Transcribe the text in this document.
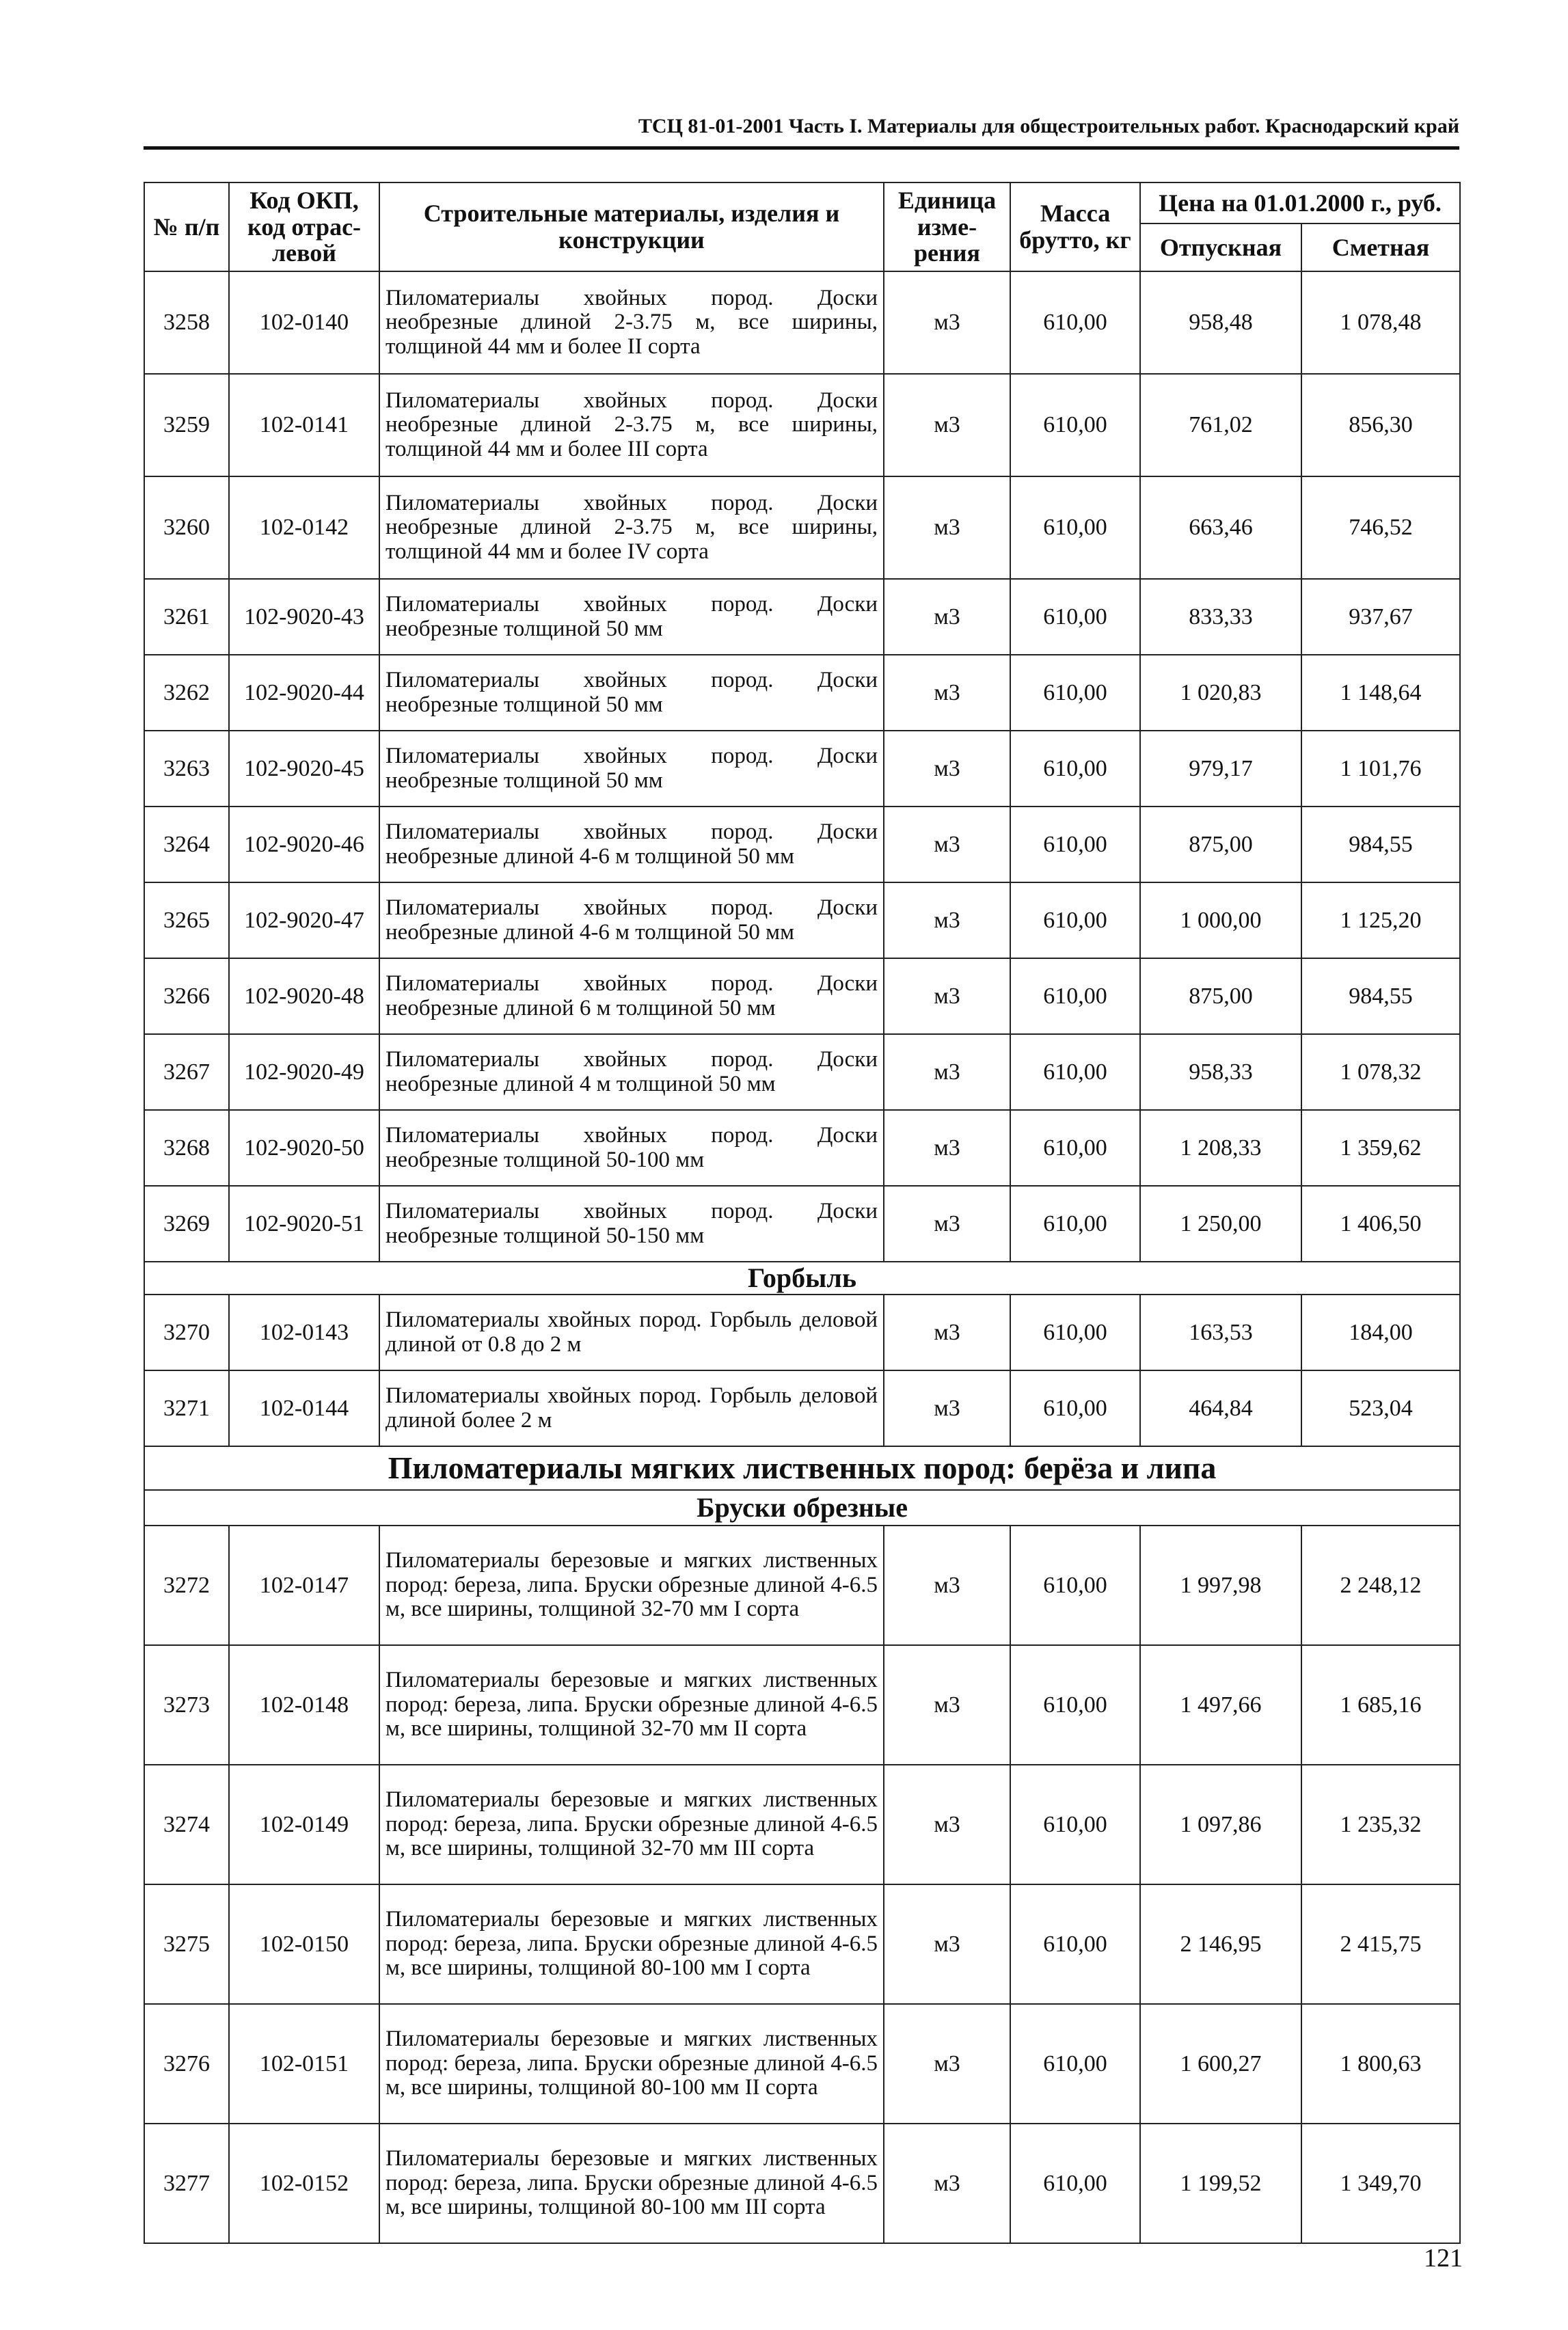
ТСЦ 81-01-2001 Часть I. Материалы для общестроительных работ. Краснодарский край
№ п/п	Код ОКП, код отрас-левой	Строительные материалы, изделия и конструкции	Единица изме-рения	Масса брутто, кг	Цена на 01.01.2000 г., руб.	
					Отпускная	Сметная
3258	102-0140	Пиломатериалы хвойных пород. Доски необрезные длиной 2-3.75 м, все ширины, толщиной 44 мм и более II сорта	м3	610,00	958,48	1 078,48
3259	102-0141	Пиломатериалы хвойных пород. Доски необрезные длиной 2-3.75 м, все ширины, толщиной 44 мм и более III сорта	м3	610,00	761,02	856,30
3260	102-0142	Пиломатериалы хвойных пород. Доски необрезные длиной 2-3.75 м, все ширины, толщиной 44 мм и более IV сорта	м3	610,00	663,46	746,52
3261	102-9020-43	Пиломатериалы хвойных пород. Доски необрезные толщиной 50 мм	м3	610,00	833,33	937,67
3262	102-9020-44	Пиломатериалы хвойных пород. Доски необрезные толщиной 50 мм	м3	610,00	1 020,83	1 148,64
3263	102-9020-45	Пиломатериалы хвойных пород. Доски необрезные толщиной 50 мм	м3	610,00	979,17	1 101,76
3264	102-9020-46	Пиломатериалы хвойных пород. Доски необрезные длиной 4-6 м толщиной 50 мм	м3	610,00	875,00	984,55
3265	102-9020-47	Пиломатериалы хвойных пород. Доски необрезные длиной 4-6 м толщиной 50 мм	м3	610,00	1 000,00	1 125,20
3266	102-9020-48	Пиломатериалы хвойных пород. Доски необрезные длиной 6 м толщиной 50 мм	м3	610,00	875,00	984,55
3267	102-9020-49	Пиломатериалы хвойных пород. Доски необрезные длиной 4 м толщиной 50 мм	м3	610,00	958,33	1 078,32
3268	102-9020-50	Пиломатериалы хвойных пород. Доски необрезные толщиной 50-100 мм	м3	610,00	1 208,33	1 359,62
3269	102-9020-51	Пиломатериалы хвойных пород. Доски необрезные толщиной 50-150 мм	м3	610,00	1 250,00	1 406,50
Горбыль						
3270	102-0143	Пиломатериалы хвойных пород. Горбыль деловой длиной от 0.8 до 2 м	м3	610,00	163,53	184,00
3271	102-0144	Пиломатериалы хвойных пород. Горбыль деловой длиной более 2 м	м3	610,00	464,84	523,04
Пиломатериалы мягких лиственных пород: берёза и липа						
Бруски обрезные						
3272	102-0147	Пиломатериалы березовые и мягких лиственных пород: береза, липа. Бруски обрезные длиной 4-6.5 м, все ширины, толщиной 32-70 мм I сорта	м3	610,00	1 997,98	2 248,12
3273	102-0148	Пиломатериалы березовые и мягких лиственных пород: береза, липа. Бруски обрезные длиной 4-6.5 м, все ширины, толщиной 32-70 мм II сорта	м3	610,00	1 497,66	1 685,16
3274	102-0149	Пиломатериалы березовые и мягких лиственных пород: береза, липа. Бруски обрезные длиной 4-6.5 м, все ширины, толщиной 32-70 мм III сорта	м3	610,00	1 097,86	1 235,32
3275	102-0150	Пиломатериалы березовые и мягких лиственных пород: береза, липа. Бруски обрезные длиной 4-6.5 м, все ширины, толщиной 80-100 мм I сорта	м3	610,00	2 146,95	2 415,75
3276	102-0151	Пиломатериалы березовые и мягких лиственных пород: береза, липа. Бруски обрезные длиной 4-6.5 м, все ширины, толщиной 80-100 мм II сорта	м3	610,00	1 600,27	1 800,63
3277	102-0152	Пиломатериалы березовые и мягких лиственных пород: береза, липа. Бруски обрезные длиной 4-6.5 м, все ширины, толщиной 80-100 мм III сорта	м3	610,00	1 199,52	1 349,70
121
